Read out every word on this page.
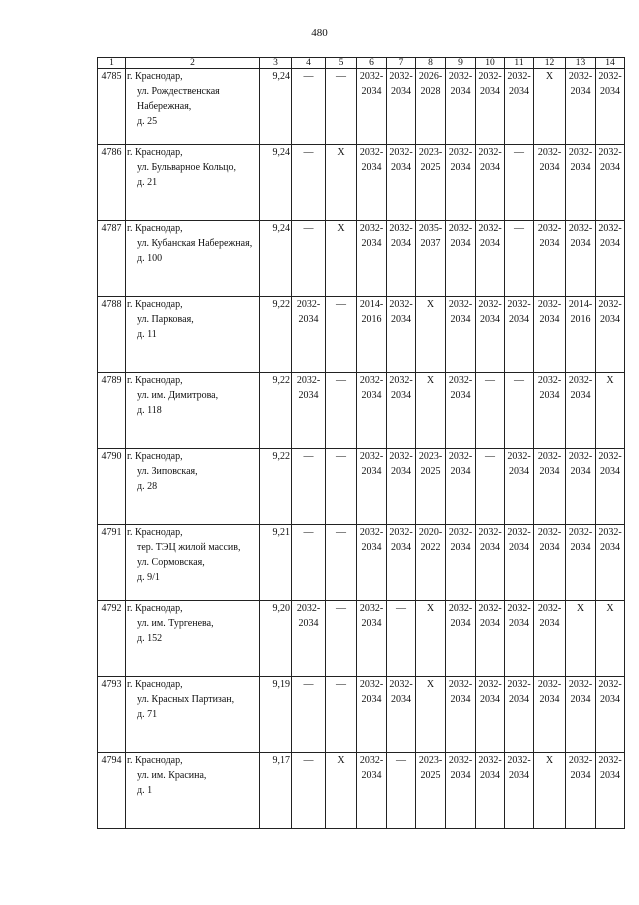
480
1	2	3	4	5	6	7	8	9	10	11	12	13	14
4785	г. Краснодар,
ул. Рождественская
Набережная,
д. 25	9,24	—	—	2032-
2034	2032-
2034	2026-
2028	2032-
2034	2032-
2034	2032-
2034	Х	2032-
2034	2032-
2034

4786	г. Краснодар,
ул. Бульварное Кольцо,
д. 21	9,24	—	Х	2032-
2034	2032-
2034	2023-
2025	2032-
2034	2032-
2034	—	2032-
2034	2032-
2034	2032-
2034

4787	г. Краснодар,
ул. Кубанская Набережная,
д. 100	9,24	—	Х	2032-
2034	2032-
2034	2035-
2037	2032-
2034	2032-
2034	—	2032-
2034	2032-
2034	2032-
2034

4788	г. Краснодар,
ул. Парковая,
д. 11	9,22	2032-
2034	—	2014-
2016	2032-
2034	Х	2032-
2034	2032-
2034	2032-
2034	2032-
2034	2014-
2016	2032-
2034

4789	г. Краснодар,
ул. им. Димитрова,
д. 118	9,22	2032-
2034	—	2032-
2034	2032-
2034	Х	2032-
2034	—	—	2032-
2034	2032-
2034	Х
4790	г. Краснодар,
ул. Зиповская,
д. 28	9,22	—	—	2032-
2034	2032-
2034	2023-
2025	2032-
2034	—	2032-
2034	2032-
2034	2032-
2034	2032-
2034

4791	г. Краснодар,
тер. ТЭЦ жилой массив,
ул. Сормовская,
д. 9/1	9,21	—	—	2032-
2034	2032-
2034	2020-
2022	2032-
2034	2032-
2034	2032-
2034	2032-
2034	2032-
2034	2032-
2034

4792	г. Краснодар,
ул. им. Тургенева,
д. 152	9,20	2032-
2034	—	2032-
2034	—	Х	2032-
2034	2032-
2034	2032-
2034	2032-
2034	Х	Х
4793	г. Краснодар,
ул. Красных Партизан,
д. 71	9,19	—	—	2032-
2034	2032-
2034	Х	2032-
2034	2032-
2034	2032-
2034	2032-
2034	2032-
2034	2032-
2034

4794	г. Краснодар,
ул. им. Красина,
д. 1	9,17	—	Х	2032-
2034	—	2023-
2025	2032-
2034	2032-
2034	2032-
2034	Х	2032-
2034	2032-
2034
